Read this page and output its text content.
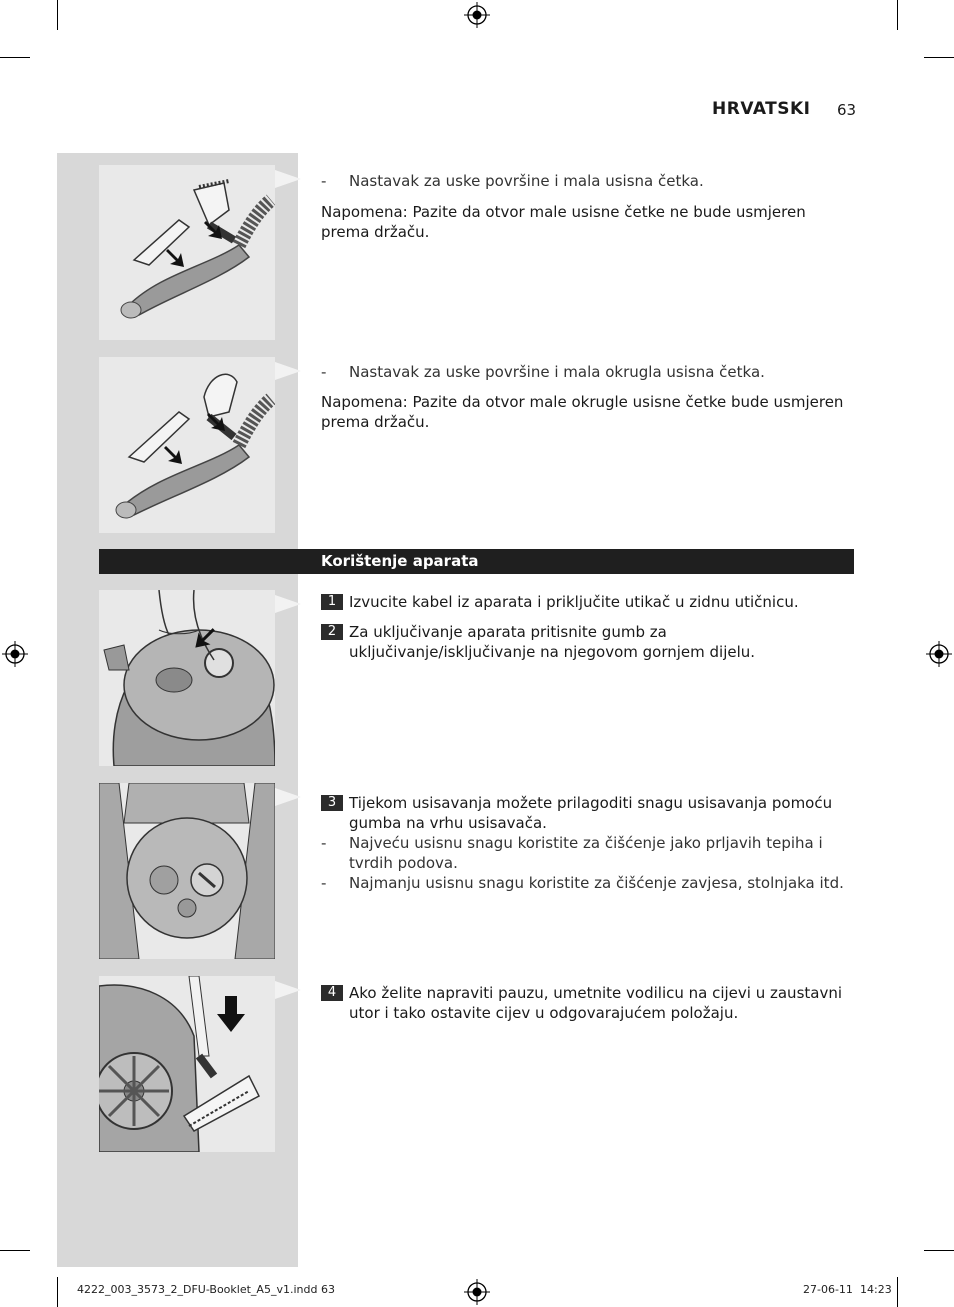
HRVATSKI 63
- Nastavak za uske površine i mala usisna četka.
Napomena: Pazite da otvor male usisne četke ne bude usmjeren prema držaču.
- Nastavak za uske površine i mala okrugla usisna četka.
Napomena: Pazite da otvor male okrugle usisne četke bude usmjeren prema držaču.
Korištenje aparata
1 Izvucite kabel iz aparata i priključite utikač u zidnu utičnicu.
2 Za uključivanje aparata pritisnite gumb za uključivanje/isključivanje na njegovom gornjem dijelu.
3 Tijekom usisavanja možete prilagoditi snagu usisavanja pomoću gumba na vrhu usisavača.
- Najveću usisnu snagu koristite za čišćenje jako prljavih tepiha i tvrdih podova.
- Najmanju usisnu snagu koristite za čišćenje zavjesa, stolnjaka itd.
4 Ako želite napraviti pauzu, umetnite vodilicu na cijevi u zaustavni utor i tako ostavite cijev u odgovarajućem položaju.
4222_003_3573_2_DFU-Booklet_A5_v1.indd 63	27-06-11 14:23
